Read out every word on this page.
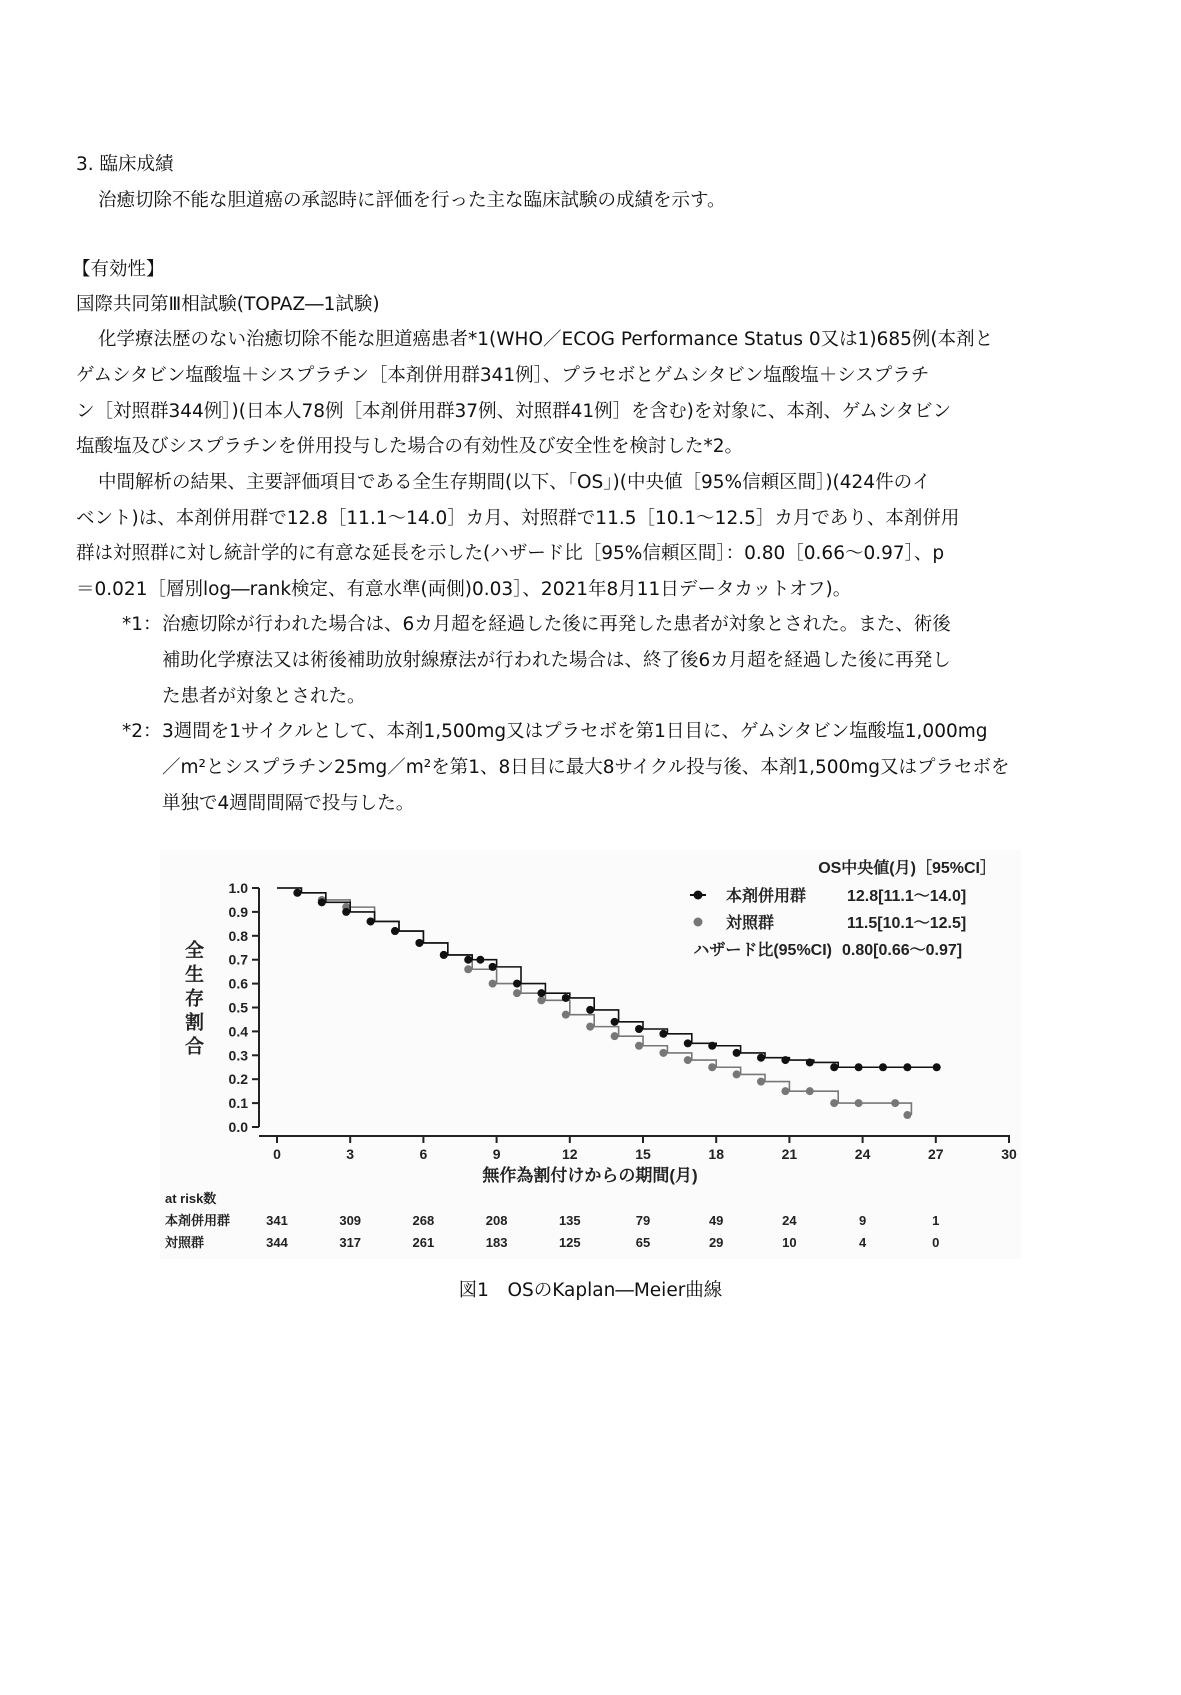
3. 臨床成績
治癒切除不能な胆道癌の承認時に評価を行った主な臨床試験の成績を示す。
【有効性】
国際共同第Ⅲ相試験(TOPAZ―1試験)
化学療法歴のない治癒切除不能な胆道癌患者*1(WHO／ECOG Performance Status 0又は1)685例(本剤と
ゲムシタビン塩酸塩＋シスプラチン［本剤併用群341例］、プラセボとゲムシタビン塩酸塩＋シスプラチ
ン［対照群344例］)(日本人78例［本剤併用群37例、対照群41例］を含む)を対象に、本剤、ゲムシタビン
塩酸塩及びシスプラチンを併用投与した場合の有効性及び安全性を検討した*2。
中間解析の結果、主要評価項目である全生存期間(以下、「OS」)(中央値［95%信頼区間］)(424件のイ
ベント)は、本剤併用群で12.8［11.1～14.0］カ月、対照群で11.5［10.1～12.5］カ月であり、本剤併用
群は対照群に対し統計学的に有意な延長を示した(ハザード比［95%信頼区間］：0.80［0.66～0.97］、p
＝0.021［層別log―rank検定、有意水準(両側)0.03］、2021年8月11日データカットオフ)。
*1： 治癒切除が行われた場合は、6カ月超を経過した後に再発した患者が対象とされた。また、術後
補助化学療法又は術後補助放射線療法が行われた場合は、終了後6カ月超を経過した後に再発し
た患者が対象とされた。
*2： 3週間を1サイクルとして、本剤1,500mg又はプラセボを第1日目に、ゲムシタビン塩酸塩1,000mg
／m²とシスプラチン25mg／m²を第1、8日目に最大8サイクル投与後、本剤1,500mg又はプラセボを
単独で4週間間隔で投与した。
0.0
0.1
0.2
0.3
0.4
0.5
0.6
0.7
0.8
0.9
1.0
0	3	6	9	12	15	18	21	24	27	30
無作為割付けからの期間(月)
OS中央値(月)［95%CI］
本剤併用群	12.8[11.1～14.0]
対照群	11.5[10.1～12.5]
ハザード比(95%CI) 0.80[0.66～0.97]
at risk数
本剤併用群	341	309	268	208	135	79	49	24	9	1
対照群	344	317	261	183	125	65	29	10	4	0
全生存割合
図1　OSのKaplan―Meier曲線
